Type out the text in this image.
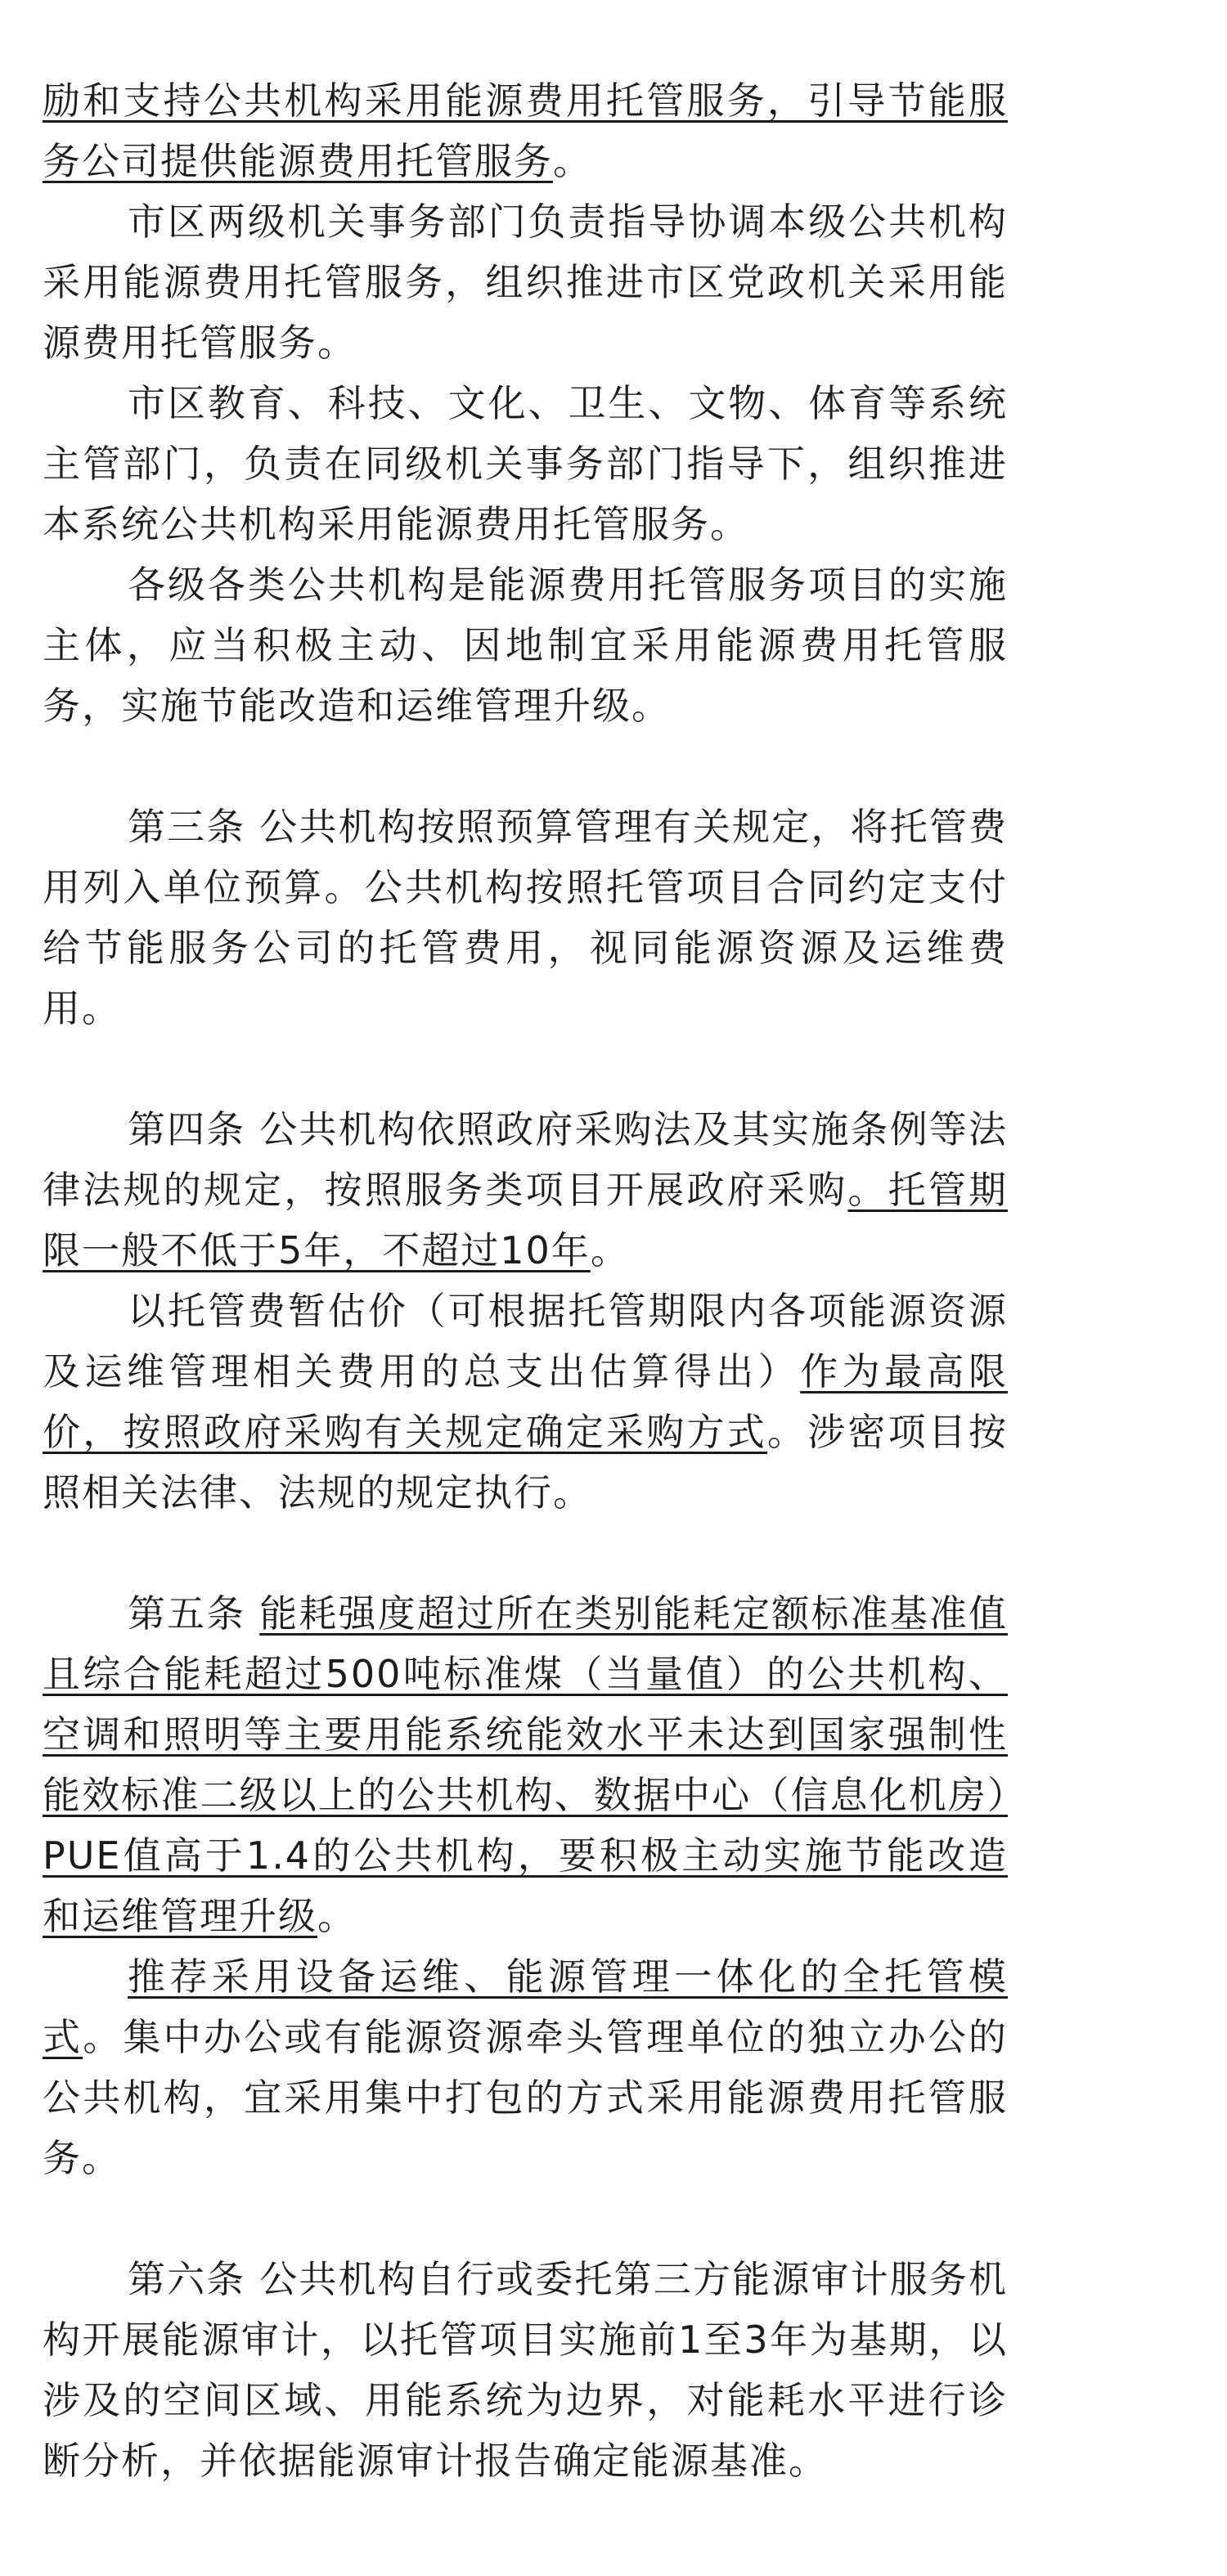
励和支持公共机构采用能源费用托管服务，引导节能服务公司提供能源费用托管服务。

市区两级机关事务部门负责指导协调本级公共机构采用能源费用托管服务，组织推进市区党政机关采用能源费用托管服务。

市区教育、科技、文化、卫生、文物、体育等系统主管部门，负责在同级机关事务部门指导下，组织推进本系统公共机构采用能源费用托管服务。

各级各类公共机构是能源费用托管服务项目的实施主体，应当积极主动、因地制宜采用能源费用托管服务，实施节能改造和运维管理升级。

第三条 公共机构按照预算管理有关规定，将托管费用列入单位预算。公共机构按照托管项目合同约定支付给节能服务公司的托管费用，视同能源资源及运维费用。

第四条 公共机构依照政府采购法及其实施条例等法律法规的规定，按照服务类项目开展政府采购。托管期限一般不低于5年，不超过10年。

以托管费暂估价（可根据托管期限内各项能源资源及运维管理相关费用的总支出估算得出）作为最高限价，按照政府采购有关规定确定采购方式。涉密项目按照相关法律、法规的规定执行。

第五条 能耗强度超过所在类别能耗定额标准基准值且综合能耗超过500吨标准煤（当量值）的公共机构、空调和照明等主要用能系统能效水平未达到国家强制性能效标准二级以上的公共机构、数据中心（信息化机房）PUE值高于1.4的公共机构，要积极主动实施节能改造和运维管理升级。

推荐采用设备运维、能源管理一体化的全托管模式。集中办公或有能源资源牵头管理单位的独立办公的公共机构，宜采用集中打包的方式采用能源费用托管服务。

第六条 公共机构自行或委托第三方能源审计服务机构开展能源审计，以托管项目实施前1至3年为基期，以涉及的空间区域、用能系统为边界，对能耗水平进行诊断分析，并依据能源审计报告确定能源基准。
